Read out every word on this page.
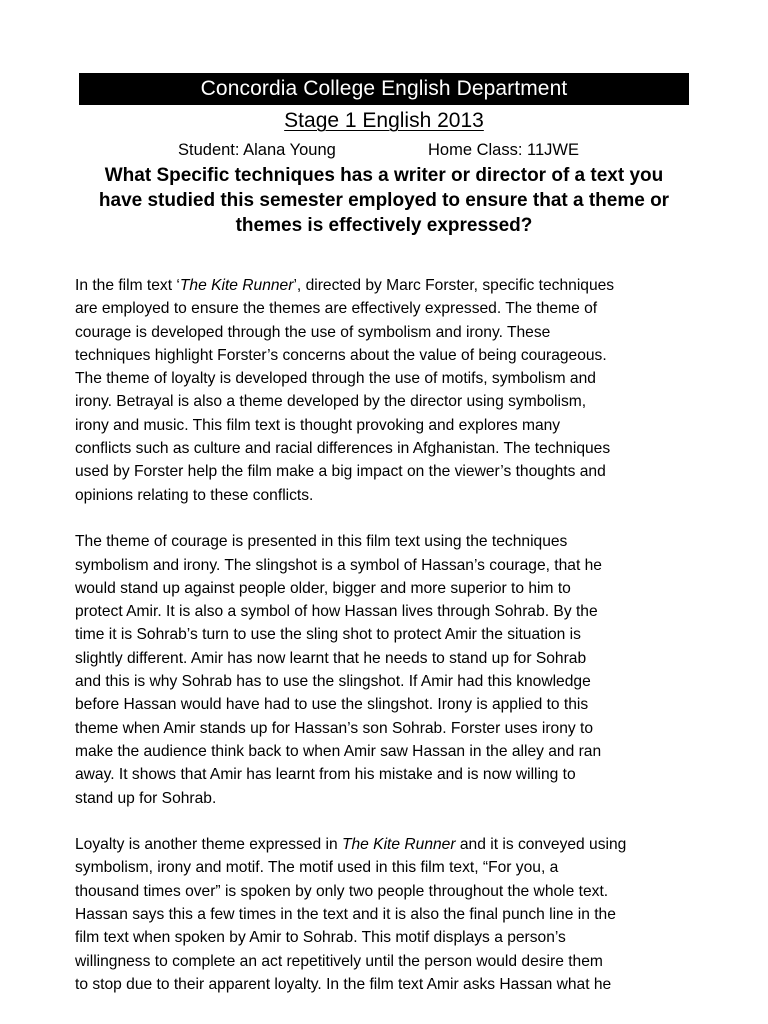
Concordia College English Department
Stage 1 English 2013
Student: Alana Young	Home Class: 11JWE
What Specific techniques has a writer or director of a text you
have studied this semester employed to ensure that a theme or
themes is effectively expressed?

In the film text ‘The Kite Runner’, directed by Marc Forster, specific techniques
are employed to ensure the themes are effectively expressed. The theme of
courage is developed through the use of symbolism and irony. These
techniques highlight Forster’s concerns about the value of being courageous.
The theme of loyalty is developed through the use of motifs, symbolism and
irony. Betrayal is also a theme developed by the director using symbolism,
irony and music. This film text is thought provoking and explores many
conflicts such as culture and racial differences in Afghanistan. The techniques
used by Forster help the film make a big impact on the viewer’s thoughts and
opinions relating to these conflicts.

The theme of courage is presented in this film text using the techniques
symbolism and irony. The slingshot is a symbol of Hassan’s courage, that he
would stand up against people older, bigger and more superior to him to
protect Amir. It is also a symbol of how Hassan lives through Sohrab. By the
time it is Sohrab’s turn to use the sling shot to protect Amir the situation is
slightly different. Amir has now learnt that he needs to stand up for Sohrab
and this is why Sohrab has to use the slingshot. If Amir had this knowledge
before Hassan would have had to use the slingshot. Irony is applied to this
theme when Amir stands up for Hassan’s son Sohrab. Forster uses irony to
make the audience think back to when Amir saw Hassan in the alley and ran
away. It shows that Amir has learnt from his mistake and is now willing to
stand up for Sohrab.

Loyalty is another theme expressed in The Kite Runner and it is conveyed using
symbolism, irony and motif. The motif used in this film text, “For you, a
thousand times over” is spoken by only two people throughout the whole text.
Hassan says this a few times in the text and it is also the final punch line in the
film text when spoken by Amir to Sohrab. This motif displays a person’s
willingness to complete an act repetitively until the person would desire them
to stop due to their apparent loyalty. In the film text Amir asks Hassan what he
